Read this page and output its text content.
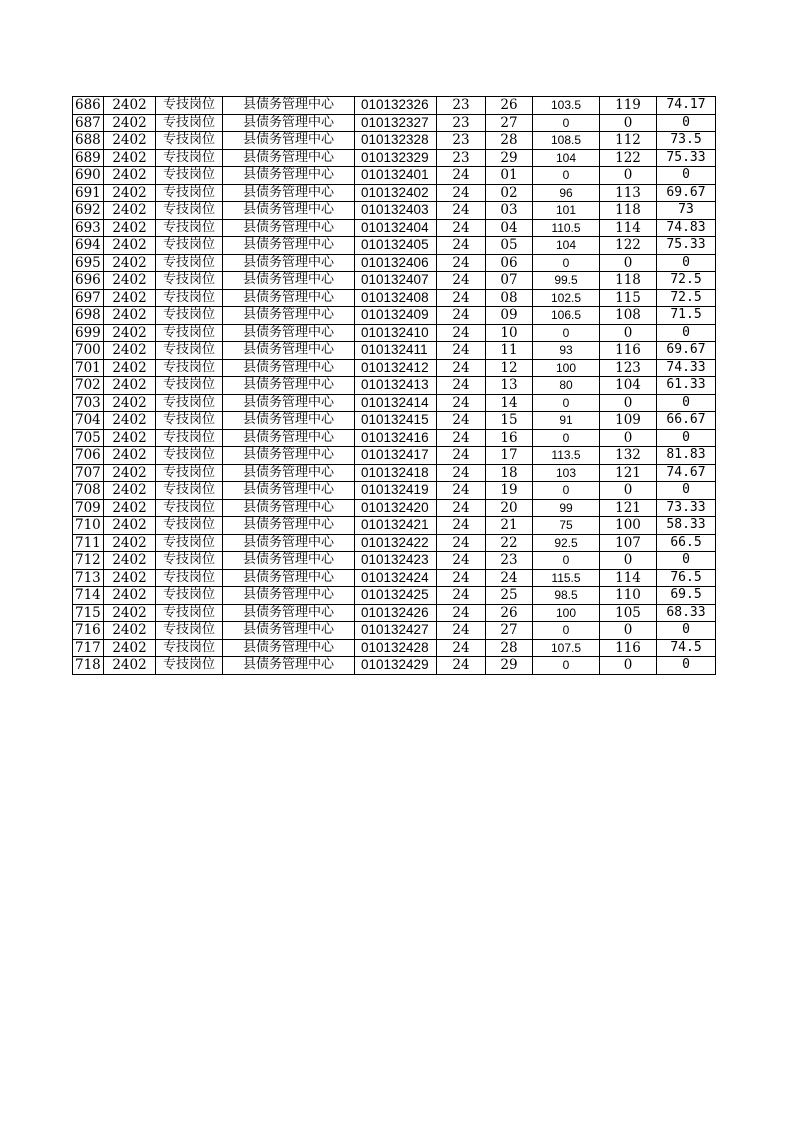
686	2402	专技岗位	县债务管理中心	010132326	23	26	103.5	119	74.17
687	2402	专技岗位	县债务管理中心	010132327	23	27	0	0	0
688	2402	专技岗位	县债务管理中心	010132328	23	28	108.5	112	73.5
689	2402	专技岗位	县债务管理中心	010132329	23	29	104	122	75.33
690	2402	专技岗位	县债务管理中心	010132401	24	01	0	0	0
691	2402	专技岗位	县债务管理中心	010132402	24	02	96	113	69.67
692	2402	专技岗位	县债务管理中心	010132403	24	03	101	118	73
693	2402	专技岗位	县债务管理中心	010132404	24	04	110.5	114	74.83
694	2402	专技岗位	县债务管理中心	010132405	24	05	104	122	75.33
695	2402	专技岗位	县债务管理中心	010132406	24	06	0	0	0
696	2402	专技岗位	县债务管理中心	010132407	24	07	99.5	118	72.5
697	2402	专技岗位	县债务管理中心	010132408	24	08	102.5	115	72.5
698	2402	专技岗位	县债务管理中心	010132409	24	09	106.5	108	71.5
699	2402	专技岗位	县债务管理中心	010132410	24	10	0	0	0
700	2402	专技岗位	县债务管理中心	010132411	24	11	93	116	69.67
701	2402	专技岗位	县债务管理中心	010132412	24	12	100	123	74.33
702	2402	专技岗位	县债务管理中心	010132413	24	13	80	104	61.33
703	2402	专技岗位	县债务管理中心	010132414	24	14	0	0	0
704	2402	专技岗位	县债务管理中心	010132415	24	15	91	109	66.67
705	2402	专技岗位	县债务管理中心	010132416	24	16	0	0	0
706	2402	专技岗位	县债务管理中心	010132417	24	17	113.5	132	81.83
707	2402	专技岗位	县债务管理中心	010132418	24	18	103	121	74.67
708	2402	专技岗位	县债务管理中心	010132419	24	19	0	0	0
709	2402	专技岗位	县债务管理中心	010132420	24	20	99	121	73.33
710	2402	专技岗位	县债务管理中心	010132421	24	21	75	100	58.33
711	2402	专技岗位	县债务管理中心	010132422	24	22	92.5	107	66.5
712	2402	专技岗位	县债务管理中心	010132423	24	23	0	0	0
713	2402	专技岗位	县债务管理中心	010132424	24	24	115.5	114	76.5
714	2402	专技岗位	县债务管理中心	010132425	24	25	98.5	110	69.5
715	2402	专技岗位	县债务管理中心	010132426	24	26	100	105	68.33
716	2402	专技岗位	县债务管理中心	010132427	24	27	0	0	0
717	2402	专技岗位	县债务管理中心	010132428	24	28	107.5	116	74.5
718	2402	专技岗位	县债务管理中心	010132429	24	29	0	0	0
